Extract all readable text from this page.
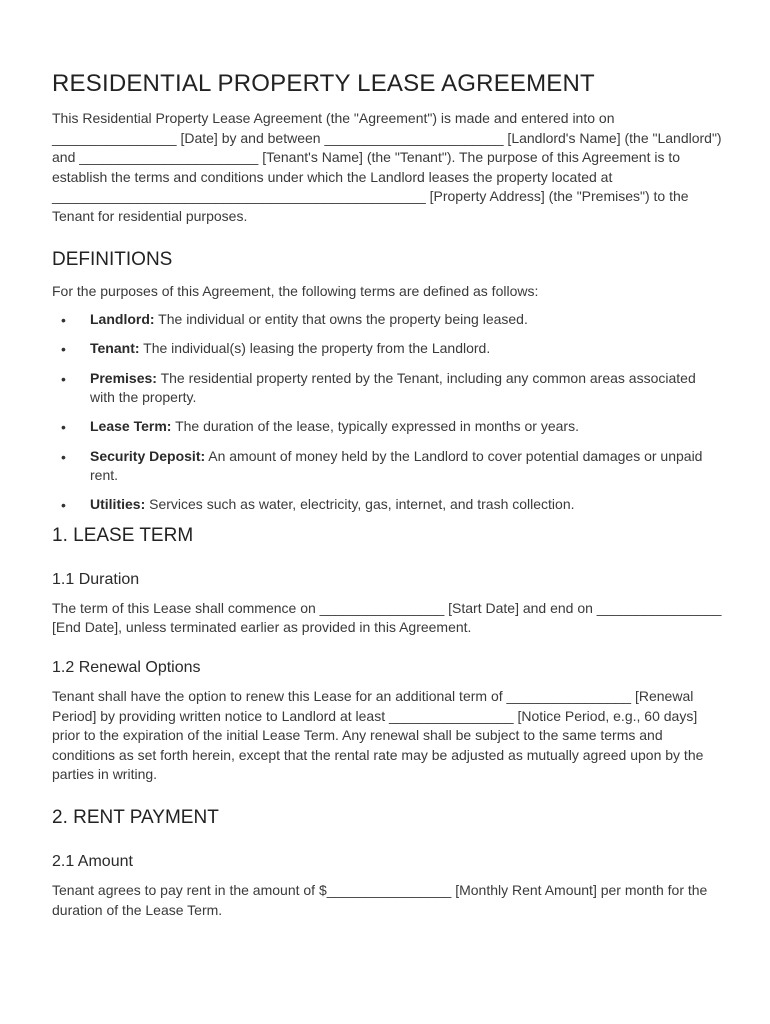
RESIDENTIAL PROPERTY LEASE AGREEMENT

This Residential Property Lease Agreement (the "Agreement") is made and entered into on ________________ [Date] by and between _______________________ [Landlord's Name] (the "Landlord") and _______________________ [Tenant's Name] (the "Tenant"). The purpose of this Agreement is to establish the terms and conditions under which the Landlord leases the property located at ________________________________________________ [Property Address] (the "Premises") to the Tenant for residential purposes.

DEFINITIONS

For the purposes of this Agreement, the following terms are defined as follows:

• Landlord: The individual or entity that owns the property being leased.
• Tenant: The individual(s) leasing the property from the Landlord.
• Premises: The residential property rented by the Tenant, including any common areas associated with the property.
• Lease Term: The duration of the lease, typically expressed in months or years.
• Security Deposit: An amount of money held by the Landlord to cover potential damages or unpaid rent.
• Utilities: Services such as water, electricity, gas, internet, and trash collection.
1. LEASE TERM
1.1 Duration

The term of this Lease shall commence on ________________ [Start Date] and end on ________________ [End Date], unless terminated earlier as provided in this Agreement.

1.2 Renewal Options

Tenant shall have the option to renew this Lease for an additional term of ________________ [Renewal Period] by providing written notice to Landlord at least ________________ [Notice Period, e.g., 60 days] prior to the expiration of the initial Lease Term. Any renewal shall be subject to the same terms and conditions as set forth herein, except that the rental rate may be adjusted as mutually agreed upon by the parties in writing.

2. RENT PAYMENT
2.1 Amount

Tenant agrees to pay rent in the amount of $________________ [Monthly Rent Amount] per month for the duration of the Lease Term.
